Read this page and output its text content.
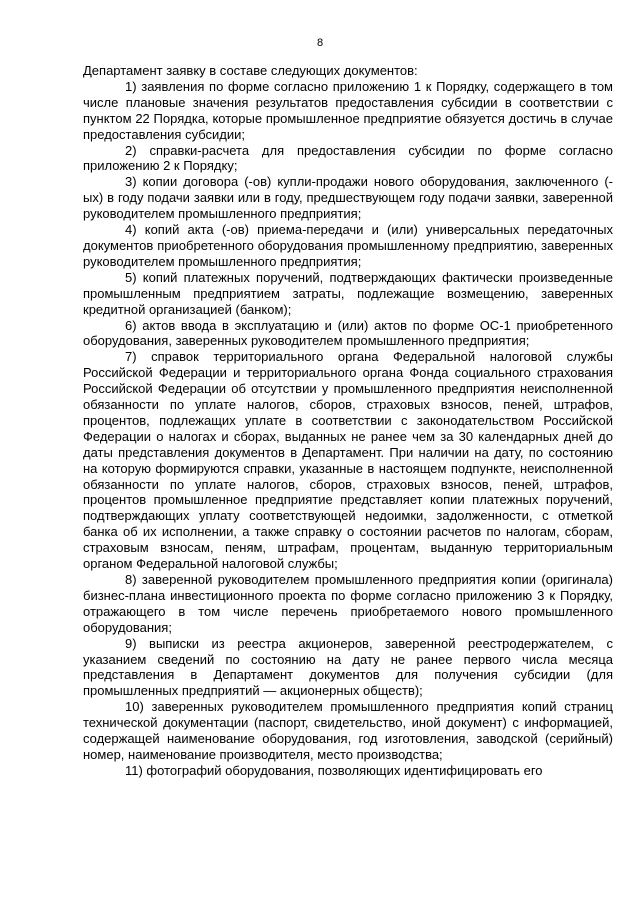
8

Департамент заявку в составе следующих документов:

1) заявления по форме согласно приложению 1 к Порядку, содержащего в том числе плановые значения результатов предоставления субсидии в соответствии с пунктом 22 Порядка, которые промышленное предприятие обязуется достичь в случае предоставления субсидии;

2) справки-расчета для предоставления субсидии по форме согласно приложению 2 к Порядку;

3) копии договора (-ов) купли-продажи нового оборудования, заключенного (-ых) в году подачи заявки или в году, предшествующем году подачи заявки, заверенной руководителем промышленного предприятия;

4) копий акта (-ов) приема-передачи и (или) универсальных передаточных документов приобретенного оборудования промышленному предприятию, заверенных руководителем промышленного предприятия;

5) копий платежных поручений, подтверждающих фактически произведенные промышленным предприятием затраты, подлежащие возмещению, заверенных кредитной организацией (банком);

6) актов ввода в эксплуатацию и (или) актов по форме ОС-1 приобретенного оборудования, заверенных руководителем промышленного предприятия;

7) справок территориального органа Федеральной налоговой службы Российской Федерации и территориального органа Фонда социального страхования Российской Федерации об отсутствии у промышленного предприятия неисполненной обязанности по уплате налогов, сборов, страховых взносов, пеней, штрафов, процентов, подлежащих уплате в соответствии с законодательством Российской Федерации о налогах и сборах, выданных не ранее чем за 30 календарных дней до даты представления документов в Департамент. При наличии на дату, по состоянию на которую формируются справки, указанные в настоящем подпункте, неисполненной обязанности по уплате налогов, сборов, страховых взносов, пеней, штрафов, процентов промышленное предприятие представляет копии платежных поручений, подтверждающих уплату соответствующей недоимки, задолженности, с отметкой банка об их исполнении, а также справку о состоянии расчетов по налогам, сборам, страховым взносам, пеням, штрафам, процентам, выданную территориальным органом Федеральной налоговой службы;

8) заверенной руководителем промышленного предприятия копии (оригинала) бизнес-плана инвестиционного проекта по форме согласно приложению 3 к Порядку, отражающего в том числе перечень приобретаемого нового промышленного оборудования;

9) выписки из реестра акционеров, заверенной реестродержателем, с указанием сведений по состоянию на дату не ранее первого числа месяца представления в Департамент документов для получения субсидии (для промышленных предприятий — акционерных обществ);

10) заверенных руководителем промышленного предприятия копий страниц технической документации (паспорт, свидетельство, иной документ) с информацией, содержащей наименование оборудования, год изготовления, заводской (серийный) номер, наименование производителя, место производства;

11) фотографий оборудования, позволяющих идентифицировать его
